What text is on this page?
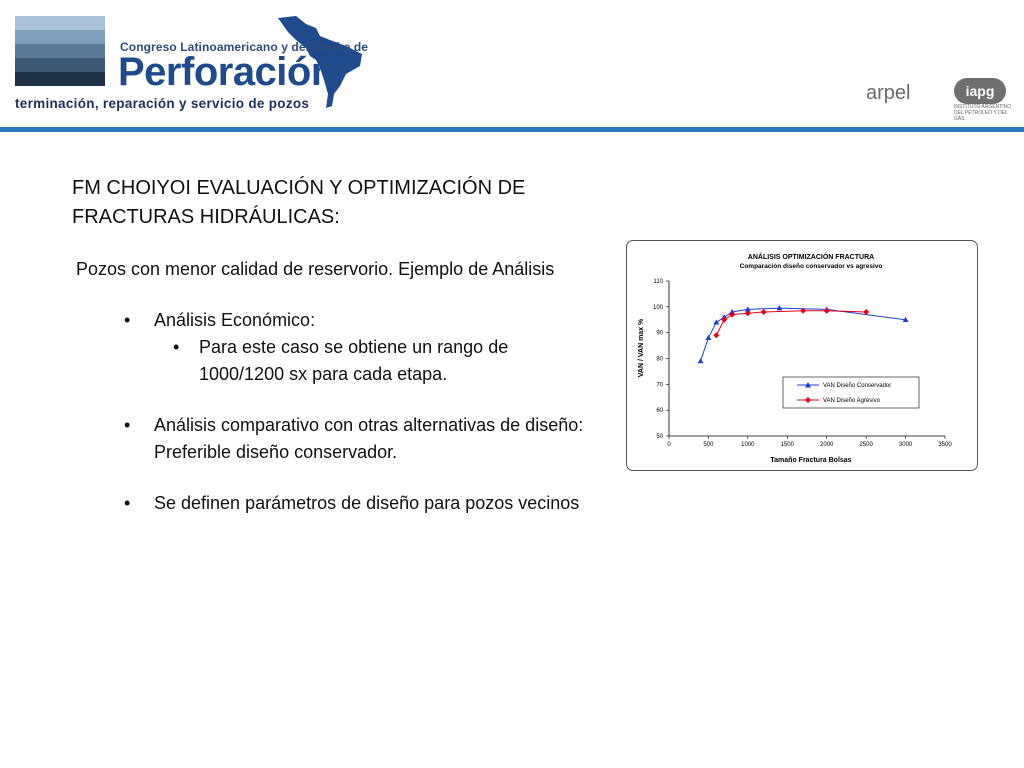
Congreso Latinoamericano y del Caribe de
Perforación
terminación, reparación y servicio de pozos	arpel	iapg
INSTITUTO ARGENTINO DEL PETROLEO Y DEL GAS

FM CHOIYOI EVALUACIÓN Y OPTIMIZACIÓN DE FRACTURAS HIDRÁULICAS:

Pozos con menor calidad de reservorio. Ejemplo de Análisis

• Análisis Económico:
• Para este caso se obtiene un rango de 1000/1200 sx para cada etapa.
• Análisis comparativo con otras alternativas de diseño: Preferible diseño conservador.
• Se definen parámetros de diseño para pozos vecinos
ANÁLISIS OPTIMIZACIÓN FRACTURA
Comparación diseño conservador vs agresivo
50
60
70
80
90
100
110
0	500	1000	1500	2000	2500	3000	3500
Tamaño Fractura Bolsas
VAN / VAN max %
VAN Diseño Conservador
VAN Diseño Agresivo
